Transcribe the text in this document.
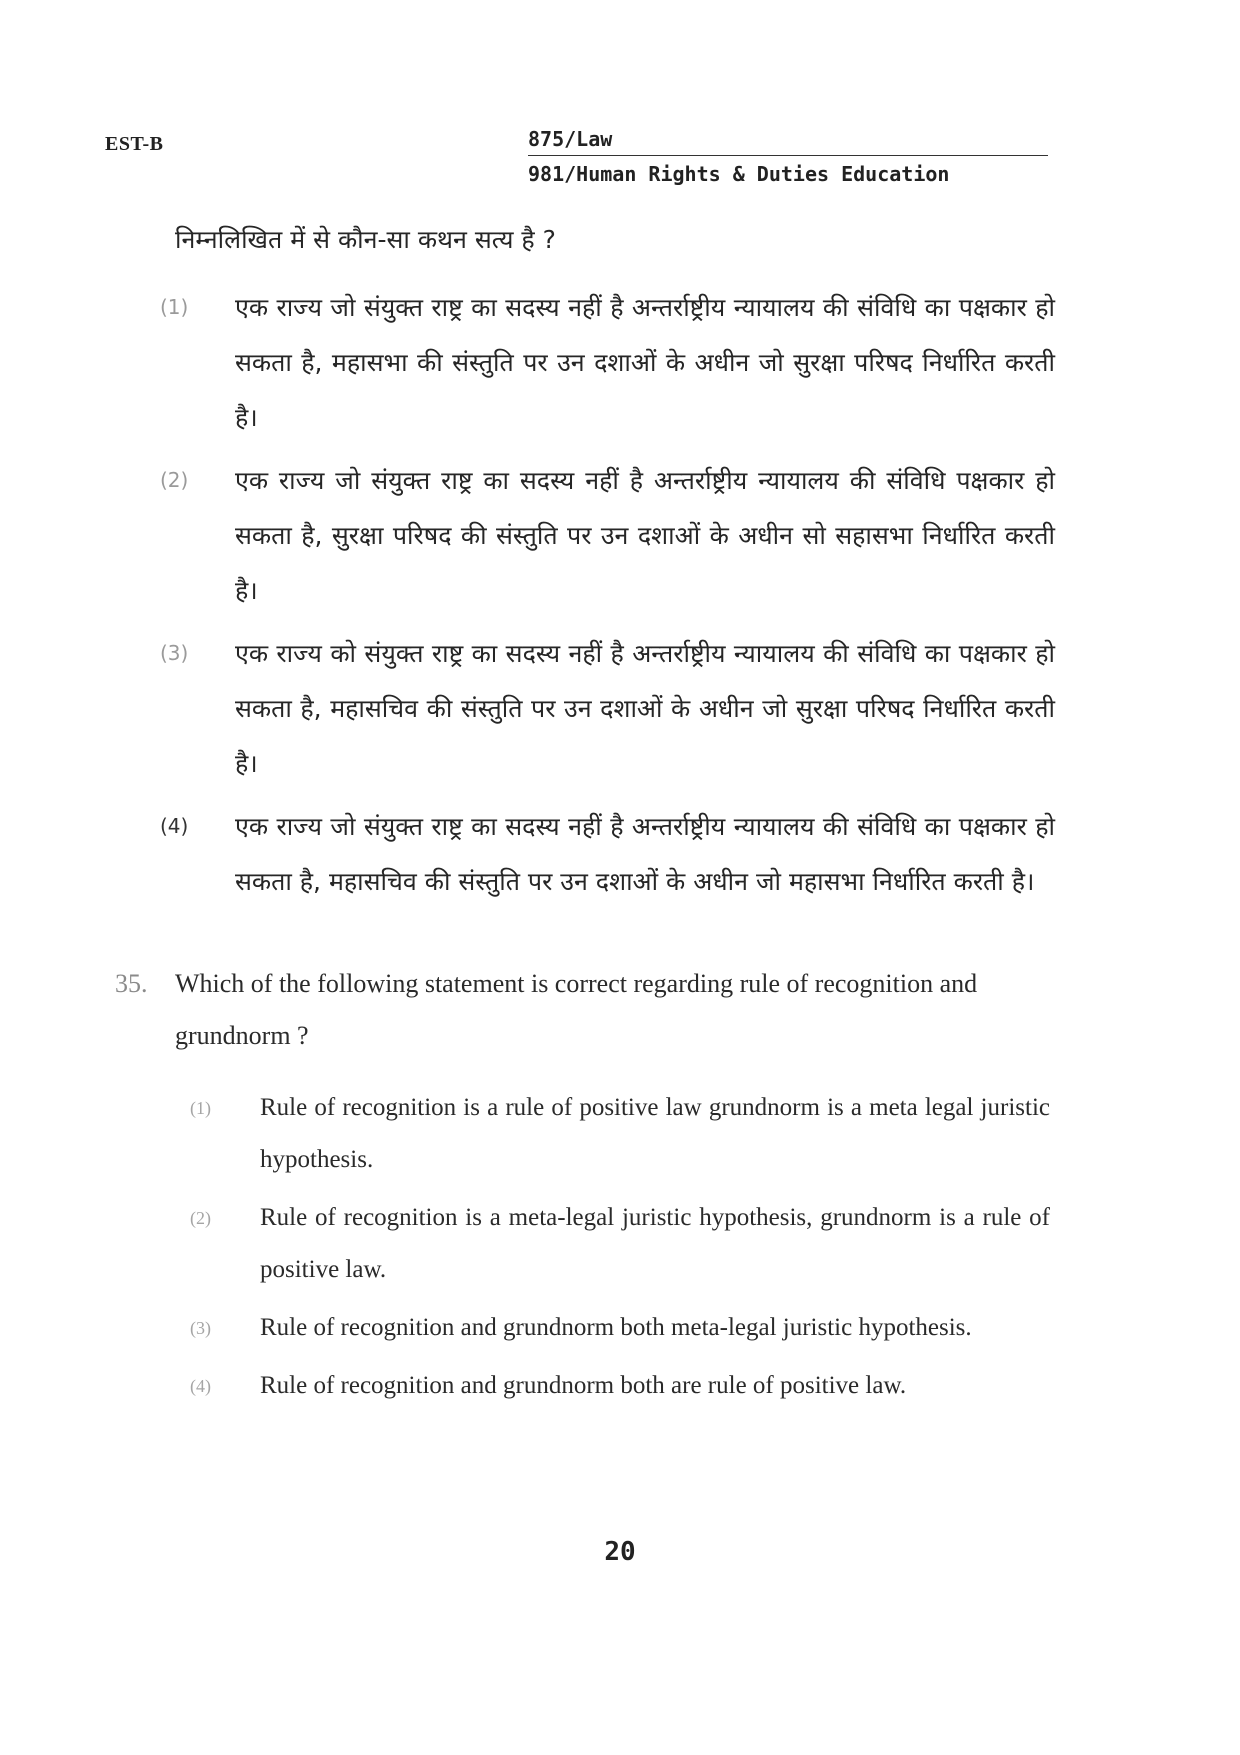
EST-B	875/Law
981/Human Rights & Duties Education
निम्नलिखित में से कौन-सा कथन सत्य है ?
(1)	एक राज्य जो संयुक्त राष्ट्र का सदस्य नहीं है अन्तर्राष्ट्रीय न्यायालय की संविधि का पक्षकार हो सकता है, महासभा की संस्तुति पर उन दशाओं के अधीन जो सुरक्षा परिषद निर्धारित करती है।
(2)	एक राज्य जो संयुक्त राष्ट्र का सदस्य नहीं है अन्तर्राष्ट्रीय न्यायालय की संविधि पक्षकार हो सकता है, सुरक्षा परिषद की संस्तुति पर उन दशाओं के अधीन सो सहासभा निर्धारित करती है।
(3)	एक राज्य को संयुक्त राष्ट्र का सदस्य नहीं है अन्तर्राष्ट्रीय न्यायालय की संविधि का पक्षकार हो सकता है, महासचिव की संस्तुति पर उन दशाओं के अधीन जो सुरक्षा परिषद निर्धारित करती है।
(4)	एक राज्य जो संयुक्त राष्ट्र का सदस्य नहीं है अन्तर्राष्ट्रीय न्यायालय की संविधि का पक्षकार हो सकता है, महासचिव की संस्तुति पर उन दशाओं के अधीन जो महासभा निर्धारित करती है।
35. Which of the following statement is correct regarding rule of recognition and grundnorm ?
(1)	Rule of recognition is a rule of positive law grundnorm is a meta legal juristic hypothesis.
(2)	Rule of recognition is a meta-legal juristic hypothesis, grundnorm is a rule of positive law.
(3)	Rule of recognition and grundnorm both meta-legal juristic hypothesis.
(4)	Rule of recognition and grundnorm both are rule of positive law.
20
